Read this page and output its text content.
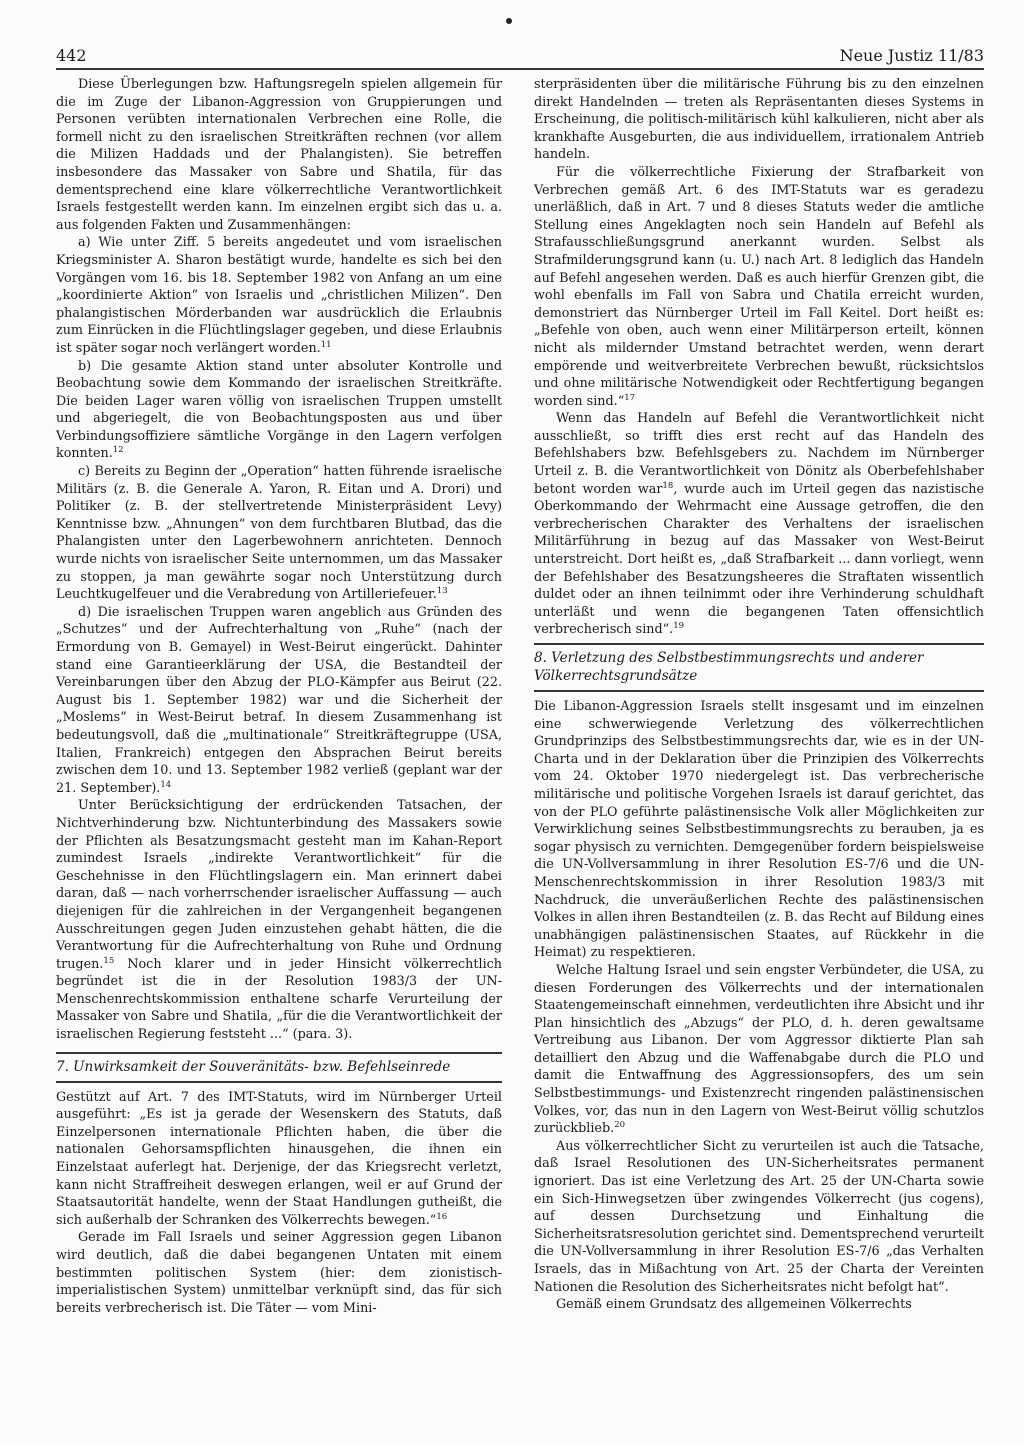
442	Neue Justiz 11/83

Diese Überlegungen bzw. Haftungsregeln spielen allgemein für die im Zuge der Libanon-Aggression von Gruppierungen und Personen verübten internationalen Verbrechen eine Rolle, die formell nicht zu den israelischen Streitkräften rechnen (vor allem die Milizen Haddads und der Phalangisten). Sie betreffen insbesondere das Massaker von Sabre und Shatila, für das dementsprechend eine klare völkerrechtliche Verantwortlichkeit Israels festgestellt werden kann. Im einzelnen ergibt sich das u. a. aus folgenden Fakten und Zusammenhängen:

a) Wie unter Ziff. 5 bereits angedeutet und vom israelischen Kriegsminister A. Sharon bestätigt wurde, handelte es sich bei den Vorgängen vom 16. bis 18. September 1982 von Anfang an um eine „koordinierte Aktion“ von Israelis und „christlichen Milizen“. Den phalangistischen Mörderbanden war ausdrücklich die Erlaubnis zum Einrücken in die Flüchtlingslager gegeben, und diese Erlaubnis ist später sogar noch verlängert worden.$^{11}$

b) Die gesamte Aktion stand unter absoluter Kontrolle und Beobachtung sowie dem Kommando der israelischen Streitkräfte. Die beiden Lager waren völlig von israelischen Truppen umstellt und abgeriegelt, die von Beobachtungsposten aus und über Verbindungsoffiziere sämtliche Vorgänge in den Lagern verfolgen konnten.$^{12}$

c) Bereits zu Beginn der „Operation“ hatten führende israelische Militärs (z. B. die Generale A. Yaron, R. Eitan und A. Drori) und Politiker (z. B. der stellvertretende Ministerpräsident Levy) Kenntnisse bzw. „Ahnungen“ von dem furchtbaren Blutbad, das die Phalangisten unter den Lagerbewohnern anrichteten. Dennoch wurde nichts von israelischer Seite unternommen, um das Massaker zu stoppen, ja man gewährte sogar noch Unterstützung durch Leuchtkugelfeuer und die Verabredung von Artilleriefeuer.$^{13}$

d) Die israelischen Truppen waren angeblich aus Gründen des „Schutzes“ und der Aufrechterhaltung von „Ruhe“ (nach der Ermordung von B. Gemayel) in West-Beirut eingerückt. Dahinter stand eine Garantieerklärung der USA, die Bestandteil der Vereinbarungen über den Abzug der PLO-Kämpfer aus Beirut (22. August bis 1. September 1982) war und die Sicherheit der „Moslems“ in West-Beirut betraf. In diesem Zusammenhang ist bedeutungsvoll, daß die „multinationale“ Streitkräftegruppe (USA, Italien, Frankreich) entgegen den Absprachen Beirut bereits zwischen dem 10. und 13. September 1982 verließ (geplant war der 21. September).$^{14}$

Unter Berücksichtigung der erdrückenden Tatsachen, der Nichtverhinderung bzw. Nichtunterbindung des Massakers sowie der Pflichten als Besatzungsmacht gesteht man im Kahan-Report zumindest Israels „indirekte Verantwortlichkeit“ für die Geschehnisse in den Flüchtlingslagern ein. Man erinnert dabei daran, daß — nach vorherrschender israelischer Auffassung — auch diejenigen für die zahlreichen in der Vergangenheit begangenen Ausschreitungen gegen Juden einzustehen gehabt hätten, die die Verantwortung für die Aufrechterhaltung von Ruhe und Ordnung trugen.$^{15}$ Noch klarer und in jeder Hinsicht völkerrechtlich begründet ist die in der Resolution 1983/3 der UN-Menschenrechtskommission enthaltene scharfe Verurteilung der Massaker von Sabre und Shatila, „für die die Verantwortlichkeit der israelischen Regierung feststeht ...“ (para. 3).

7. Unwirksamkeit der Souveränitäts- bzw. Befehlseinrede

Gestützt auf Art. 7 des IMT-Statuts, wird im Nürnberger Urteil ausgeführt: „Es ist ja gerade der Wesenskern des Statuts, daß Einzelpersonen internationale Pflichten haben, die über die nationalen Gehorsamspflichten hinausgehen, die ihnen ein Einzelstaat auferlegt hat. Derjenige, der das Kriegsrecht verletzt, kann nicht Straffreiheit deswegen erlangen, weil er auf Grund der Staatsautorität handelte, wenn der Staat Handlungen gutheißt, die sich außerhalb der Schranken des Völkerrechts bewegen.“$^{16}$

Gerade im Fall Israels und seiner Aggression gegen Libanon wird deutlich, daß die dabei begangenen Untaten mit einem bestimmten politischen System (hier: dem zionistisch-imperialistischen System) unmittelbar verknüpft sind, das für sich bereits verbrecherisch ist. Die Täter — vom Mini-

sterpräsidenten über die militärische Führung bis zu den einzelnen direkt Handelnden — treten als Repräsentanten dieses Systems in Erscheinung, die politisch-militärisch kühl kalkulieren, nicht aber als krankhafte Ausgeburten, die aus individuellem, irrationalem Antrieb handeln.

Für die völkerrechtliche Fixierung der Strafbarkeit von Verbrechen gemäß Art. 6 des IMT-Statuts war es geradezu unerläßlich, daß in Art. 7 und 8 dieses Statuts weder die amtliche Stellung eines Angeklagten noch sein Handeln auf Befehl als Strafausschließungsgrund anerkannt wurden. Selbst als Strafmilderungsgrund kann (u. U.) nach Art. 8 lediglich das Handeln auf Befehl angesehen werden. Daß es auch hierfür Grenzen gibt, die wohl ebenfalls im Fall von Sabra und Chatila erreicht wurden, demonstriert das Nürnberger Urteil im Fall Keitel. Dort heißt es: „Befehle von oben, auch wenn einer Militärperson erteilt, können nicht als mildernder Umstand betrachtet werden, wenn derart empörende und weitverbreitete Verbrechen bewußt, rücksichtslos und ohne militärische Notwendigkeit oder Rechtfertigung begangen worden sind.“$^{17}$

Wenn das Handeln auf Befehl die Verantwortlichkeit nicht ausschließt, so trifft dies erst recht auf das Handeln des Befehlshabers bzw. Befehlsgebers zu. Nachdem im Nürnberger Urteil z. B. die Verantwortlichkeit von Dönitz als Oberbefehlshaber betont worden war$^{18}$, wurde auch im Urteil gegen das nazistische Oberkommando der Wehrmacht eine Aussage getroffen, die den verbrecherischen Charakter des Verhaltens der israelischen Militärführung in bezug auf das Massaker von West-Beirut unterstreicht. Dort heißt es, „daß Strafbarkeit ... dann vorliegt, wenn der Befehlshaber des Besatzungsheeres die Straftaten wissentlich duldet oder an ihnen teilnimmt oder ihre Verhinderung schuldhaft unterläßt und wenn die begangenen Taten offensichtlich verbrecherisch sind“.$^{19}$

8. Verletzung des Selbstbestimmungsrechts und anderer Völkerrechtsgrundsätze

Die Libanon-Aggression Israels stellt insgesamt und im einzelnen eine schwerwiegende Verletzung des völkerrechtlichen Grundprinzips des Selbstbestimmungsrechts dar, wie es in der UN-Charta und in der Deklaration über die Prinzipien des Völkerrechts vom 24. Oktober 1970 niedergelegt ist. Das verbrecherische militärische und politische Vorgehen Israels ist darauf gerichtet, das von der PLO geführte palästinensische Volk aller Möglichkeiten zur Verwirklichung seines Selbstbestimmungsrechts zu berauben, ja es sogar physisch zu vernichten. Demgegenüber fordern beispielsweise die UN-Vollversammlung in ihrer Resolution ES-7/6 und die UN-Menschenrechtskommission in ihrer Resolution 1983/3 mit Nachdruck, die unveräußerlichen Rechte des palästinensischen Volkes in allen ihren Bestandteilen (z. B. das Recht auf Bildung eines unabhängigen palästinensischen Staates, auf Rückkehr in die Heimat) zu respektieren.

Welche Haltung Israel und sein engster Verbündeter, die USA, zu diesen Forderungen des Völkerrechts und der internationalen Staatengemeinschaft einnehmen, verdeutlichten ihre Absicht und ihr Plan hinsichtlich des „Abzugs“ der PLO, d. h. deren gewaltsame Vertreibung aus Libanon. Der vom Aggressor diktierte Plan sah detailliert den Abzug und die Waffenabgabe durch die PLO und damit die Entwaffnung des Aggressionsopfers, des um sein Selbstbestimmungs- und Existenzrecht ringenden palästinensischen Volkes, vor, das nun in den Lagern von West-Beirut völlig schutzlos zurückblieb.$^{20}$

Aus völkerrechtlicher Sicht zu verurteilen ist auch die Tatsache, daß Israel Resolutionen des UN-Sicherheitsrates permanent ignoriert. Das ist eine Verletzung des Art. 25 der UN-Charta sowie ein Sich-Hinwegsetzen über zwingendes Völkerrecht (jus cogens), auf dessen Durchsetzung und Einhaltung die Sicherheitsratsresolution gerichtet sind. Dementsprechend verurteilt die UN-Vollversammlung in ihrer Resolution ES-7/6 „das Verhalten Israels, das in Mißachtung von Art. 25 der Charta der Vereinten Nationen die Resolution des Sicherheitsrates nicht befolgt hat“.

Gemäß einem Grundsatz des allgemeinen Völkerrechts
